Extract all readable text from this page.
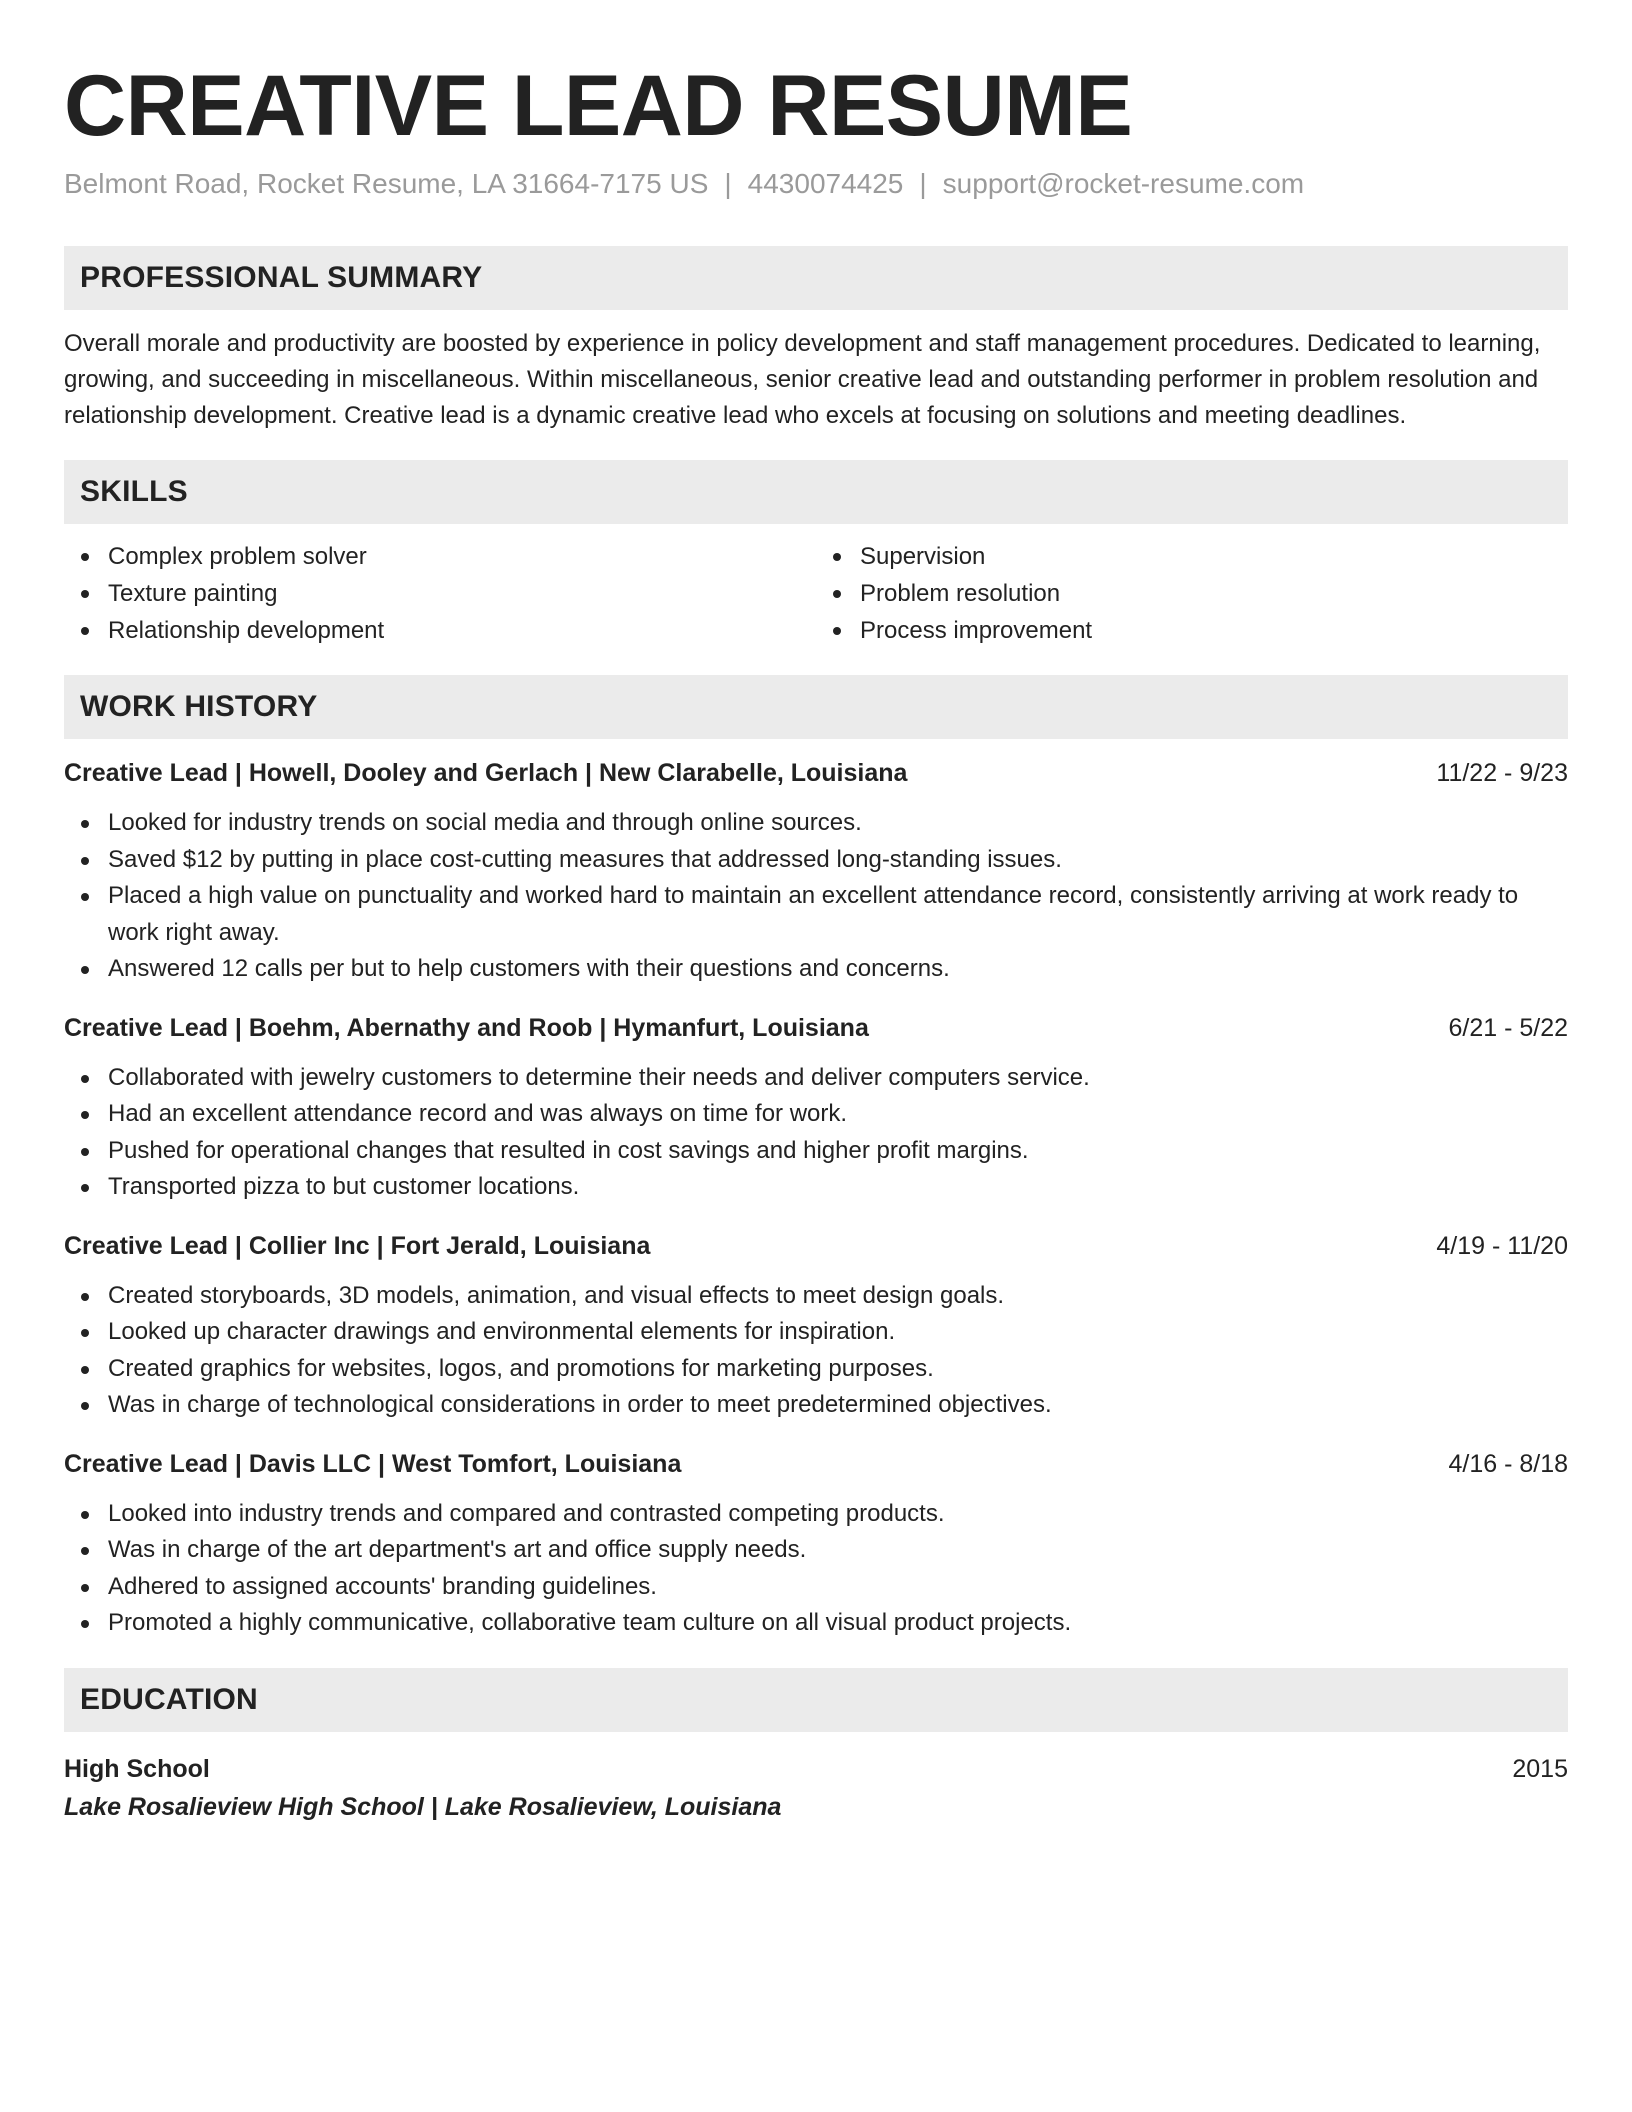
CREATIVE LEAD RESUME
Belmont Road, Rocket Resume, LA 31664-7175 US | 4430074425 | support@rocket-resume.com
PROFESSIONAL SUMMARY

Overall morale and productivity are boosted by experience in policy development and staff management procedures. Dedicated to learning, growing, and succeeding in miscellaneous. Within miscellaneous, senior creative lead and outstanding performer in problem resolution and relationship development. Creative lead is a dynamic creative lead who excels at focusing on solutions and meeting deadlines.

SKILLS
Complex problem solver
Texture painting
Relationship development
Supervision
Problem resolution
Process improvement
WORK HISTORY
Creative Lead | Howell, Dooley and Gerlach | New Clarabelle, Louisiana	11/22 - 9/23
Looked for industry trends on social media and through online sources.
Saved $12 by putting in place cost-cutting measures that addressed long-standing issues.
Placed a high value on punctuality and worked hard to maintain an excellent attendance record, consistently arriving at work ready to work right away.
Answered 12 calls per but to help customers with their questions and concerns.
Creative Lead | Boehm, Abernathy and Roob | Hymanfurt, Louisiana	6/21 - 5/22
Collaborated with jewelry customers to determine their needs and deliver computers service.
Had an excellent attendance record and was always on time for work.
Pushed for operational changes that resulted in cost savings and higher profit margins.
Transported pizza to but customer locations.
Creative Lead | Collier Inc | Fort Jerald, Louisiana	4/19 - 11/20
Created storyboards, 3D models, animation, and visual effects to meet design goals.
Looked up character drawings and environmental elements for inspiration.
Created graphics for websites, logos, and promotions for marketing purposes.
Was in charge of technological considerations in order to meet predetermined objectives.
Creative Lead | Davis LLC | West Tomfort, Louisiana	4/16 - 8/18
Looked into industry trends and compared and contrasted competing products.
Was in charge of the art department's art and office supply needs.
Adhered to assigned accounts' branding guidelines.
Promoted a highly communicative, collaborative team culture on all visual product projects.
EDUCATION
High School	2015
Lake Rosalieview High School | Lake Rosalieview, Louisiana
